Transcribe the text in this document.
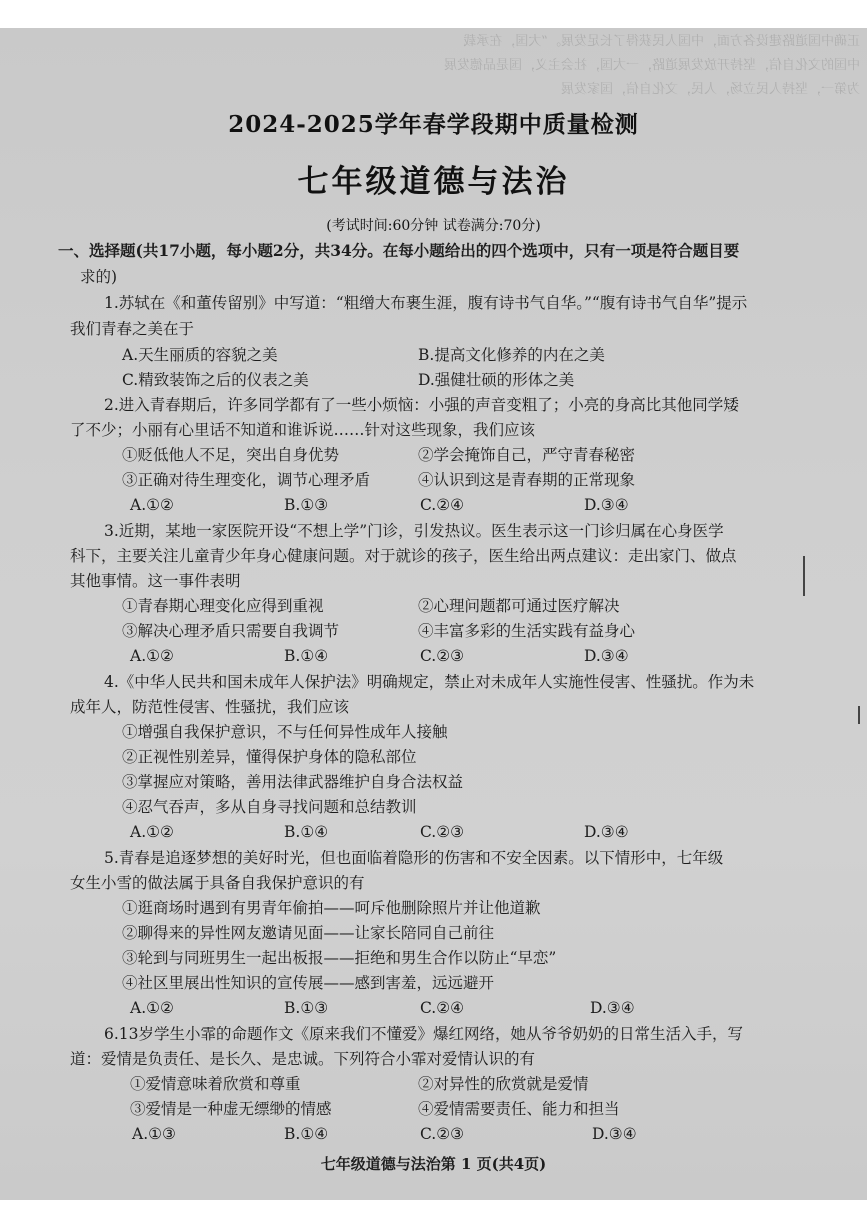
正确中国道路建设各方面，中国人民获得了长足发展。“大国，在承载
中国的文化自信，坚持开放发展道路，一大国，社会主义，国是品德发展
为第一，坚持人民立场，人民，文化自信，国家发展
2024-2025学年春学段期中质量检测
七年级道德与法治
(考试时间:60分钟 试卷满分:70分)
一、选择题(共17小题，每小题2分，共34分。在每小题给出的四个选项中，只有一项是符合题目要
求的)
1.苏轼在《和董传留别》中写道：“粗缯大布裹生涯，腹有诗书气自华。”“腹有诗书气自华”提示
我们青春之美在于
A.天生丽质的容貌之美	B.提高文化修养的内在之美
C.精致装饰之后的仪表之美	D.强健壮硕的形体之美
2.进入青春期后，许多同学都有了一些小烦恼：小强的声音变粗了；小亮的身高比其他同学矮
了不少；小丽有心里话不知道和谁诉说……针对这些现象，我们应该
①贬低他人不足，突出自身优势	②学会掩饰自己，严守青春秘密
③正确对待生理变化，调节心理矛盾	④认识到这是青春期的正常现象
A.①②	B.①③	C.②④	D.③④
3.近期，某地一家医院开设“不想上学”门诊，引发热议。医生表示这一门诊归属在心身医学
科下，主要关注儿童青少年身心健康问题。对于就诊的孩子，医生给出两点建议：走出家门、做点
其他事情。这一事件表明
①青春期心理变化应得到重视	②心理问题都可通过医疗解决
③解决心理矛盾只需要自我调节	④丰富多彩的生活实践有益身心
A.①②	B.①④	C.②③	D.③④
4.《中华人民共和国未成年人保护法》明确规定，禁止对未成年人实施性侵害、性骚扰。作为未
成年人，防范性侵害、性骚扰，我们应该
①增强自我保护意识，不与任何异性成年人接触
②正视性别差异，懂得保护身体的隐私部位
③掌握应对策略，善用法律武器维护自身合法权益
④忍气吞声，多从自身寻找问题和总结教训
A.①②	B.①④	C.②③	D.③④
5.青春是追逐梦想的美好时光，但也面临着隐形的伤害和不安全因素。以下情形中，七年级
女生小雪的做法属于具备自我保护意识的有
①逛商场时遇到有男青年偷拍——呵斥他删除照片并让他道歉
②聊得来的异性网友邀请见面——让家长陪同自己前往
③轮到与同班男生一起出板报——拒绝和男生合作以防止“早恋”
④社区里展出性知识的宣传展——感到害羞，远远避开
A.①②	B.①③	C.②④	D.③④
6.13岁学生小霏的命题作文《原来我们不懂爱》爆红网络，她从爷爷奶奶的日常生活入手，写
道：爱情是负责任、是长久、是忠诚。下列符合小霏对爱情认识的有
①爱情意味着欣赏和尊重	②对异性的欣赏就是爱情
③爱情是一种虚无缥缈的情感	④爱情需要责任、能力和担当
A.①③	B.①④	C.②③	D.③④
七年级道德与法治第 1 页(共4页)
